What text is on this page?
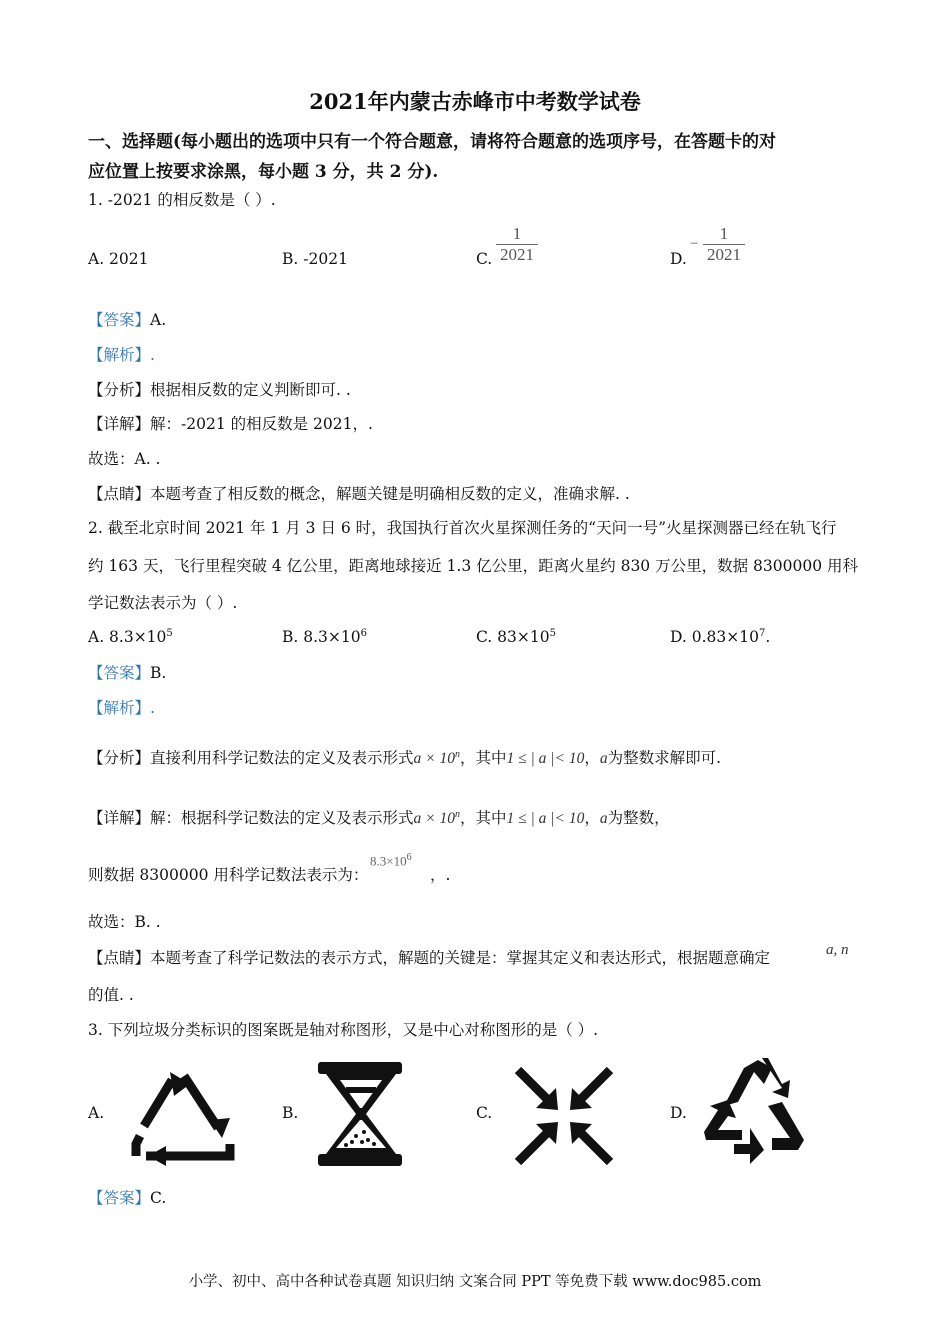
2021年内蒙古赤峰市中考数学试卷
一、选择题(每小题出的选项中只有一个符合题意，请将符合题意的选项序号，在答题卡的对
应位置上按要求涂黑，每小题 3 分，共 2 分).
1. -2021 的相反数是（ ）.
A. 2021	B. -2021	C.
1
2021	D.
−
1
2021
【答案】A.
【解析】.
【分析】根据相反数的定义判断即可. .
【详解】解：-2021 的相反数是 2021，.
故选：A. .
【点睛】本题考查了相反数的概念，解题关键是明确相反数的定义，准确求解. .
2. 截至北京时间 2021 年 1 月 3 日 6 时，我国执行首次火星探测任务的“天问一号”火星探测器已经在轨飞行
约 163 天，飞行里程突破 4 亿公里，距离地球接近 1.3 亿公里，距离火星约 830 万公里，数据 8300000 用科
学记数法表示为（ ）.
A. $8.3\times 10^5$	B. $8.3\times 10^6$	C. $83\times 10^5$	D. $0.83\times 10^7$.
【答案】B.
【解析】.
【分析】直接利用科学记数法的定义及表示形式$a \times 10^n$，其中1 ≤ | a |< 10，a为整数求解即可.
【详解】解：根据科学记数法的定义及表示形式$a \times 10^n$，其中1 ≤ | a |< 10，a为整数，
则数据 8300000 用科学记数法表示为：
$8.3\times 10^6$
，.
故选：B. .
【点睛】本题考查了科学记数法的表示方式，解题的关键是：掌握其定义和表达形式，根据题意确定	a, n
的值. .
3. 下列垃圾分类标识的图案既是轴对称图形，又是中心对称图形的是（ ）.
A.	B.	C.	D.
【答案】C.
小学、初中、高中各种试卷真题 知识归纳 文案合同 PPT 等免费下载 www.doc985.com
